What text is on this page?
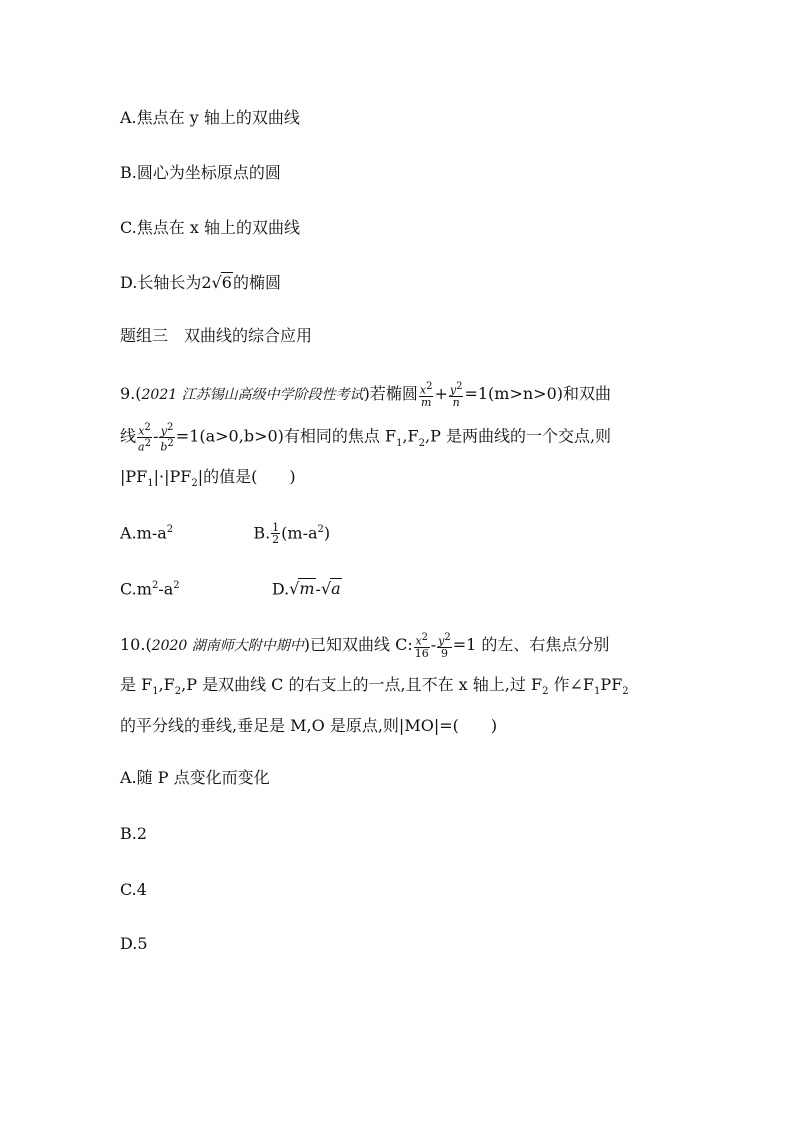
A.焦点在 y 轴上的双曲线
B.圆心为坐标原点的圆
C.焦点在 x 轴上的双曲线
D.长轴长为2√6的椭圆
题组三　双曲线的综合应用
9.(2021 江苏锡山高级中学阶段性考试)若椭圆 $\frac{x^2}{m} + \frac{y^2}{n} =1(m>n>0)$和双曲
线 $\frac{x^2}{a^2} - \frac{y^2}{b^2} =1(a>0,b>0)$有相同的焦点 $F_1,F_2,P$ 是两曲线的一个交点,则
$|PF_1|\cdot|PF_2|$的值是(　　)
$A.m-a^2$	B. $\frac{1}{2} (m-a^2)$
$C.m^2-a^2$	D.√m-√a
10.(2020 湖南师大附中期中)已知双曲线 C: $\frac{x^2}{16} - \frac{y^2}{9} =1$ 的左、右焦点分别
是 $F_1,F_2,P$ 是双曲线 C 的右支上的一点,且不在 x 轴上,过 $F_2$ 作$\angle F_1PF_2$
的平分线的垂线,垂足是 M,O 是原点,则|MO|=(　　)
A.随 P 点变化而变化
B.2
C.4
D.5
